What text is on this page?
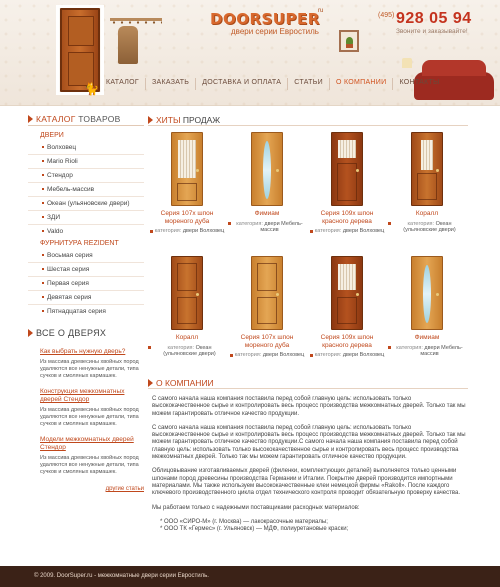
🐈
DOORSUPER
ru
двери серии Евростиль
(495) 928 05 94
Звоните и заказывайте!
КАТАЛОГ	ЗАКАЗАТЬ	ДОСТАВКА И ОПЛАТА	СТАТЬИ	О КОМПАНИИ	КОНТАКТЫ
КАТАЛОГ ТОВАРОВ
ДВЕРИ
Волховец
Mario Rioli
Стендор
Мебель-массив
Океан (ульяновские двери)
ЗДИ
Valdo
ФУРНИТУРА REZIDENT
Восьмая серия
Шестая серия
Первая серия
Девятая серия
Пятнадцатая серия
ВСЕ О ДВЕРЯХ
Как выбрать нужную дверь?
Из массива древесины хвойных пород удаляются все ненужные детали, типа сучков и смоляных кармашек.
Конструкция межкомнатных дверей Стендор
Из массива древесины хвойных пород удаляются все ненужные детали, типа сучков и смоляных кармашек.
Модели межкомнатных дверей Стендор
Из массива древесины хвойных пород удаляются все ненужные детали, типа сучков и смоляных кармашек.
другие статьи
ХИТЫ ПРОДАЖ
Серия 107х шпон мореного дуба
категория: двери Волховец
Фимиам
категория: двери Мебель-массив
Серия 109х шпон красного дерева
категория: двери Волховец
Коралл
категория: Океан (ульяновские двери)
Коралл
категория: Океан (ульяновские двери)
Серия 107х шпон мореного дуба
категория: двери Волховец
Серия 109х шпон красного дерева
категория: двери Волховец
Фимиам
категория: двери Мебель-массив
О КОМПАНИИ

С самого начала наша компания поставила перед собой главную цель: использовать только высококачественное сырье и контролировать весь процесс производства межкомнатных дверей. Только так мы можем гарантировать отличное качество продукции.

С самого начала наша компания поставила перед собой главную цель: использовать только высококачественное сырье и контролировать весь процесс производства межкомнатных дверей. Только так мы можем гарантировать отличное качество продукции.С самого начала наша компания поставила перед собой главную цель: использовать только высококачественное сырье и контролировать весь процесс производства межкомнатных дверей. Только так мы можем гарантировать отличное качество продукции.

Облицовывание изготавливаемых дверей (филенки, комплектующих деталей) выполняется только ценными шпонами пород древесины производства Германии и Италии. Покрытие дверей производится импортными материалами. Мы также используем высококачественные клеи немецкой фирмы «Rakoll». После каждого ключевого производственного цикла отдел технического контроля проводит обязательную проверку качества.

Мы работаем только с надежными поставщиками расходных материалов:

* ООО «СИРО-М» (г. Москва) — лакокрасочные материалы;
* ООО ТК «Гермес» (г. Ульяновск) — МДФ, полиуретановые краски;
© 2009. DoorSuper.ru - межкомнатные двери серии Евростиль.
